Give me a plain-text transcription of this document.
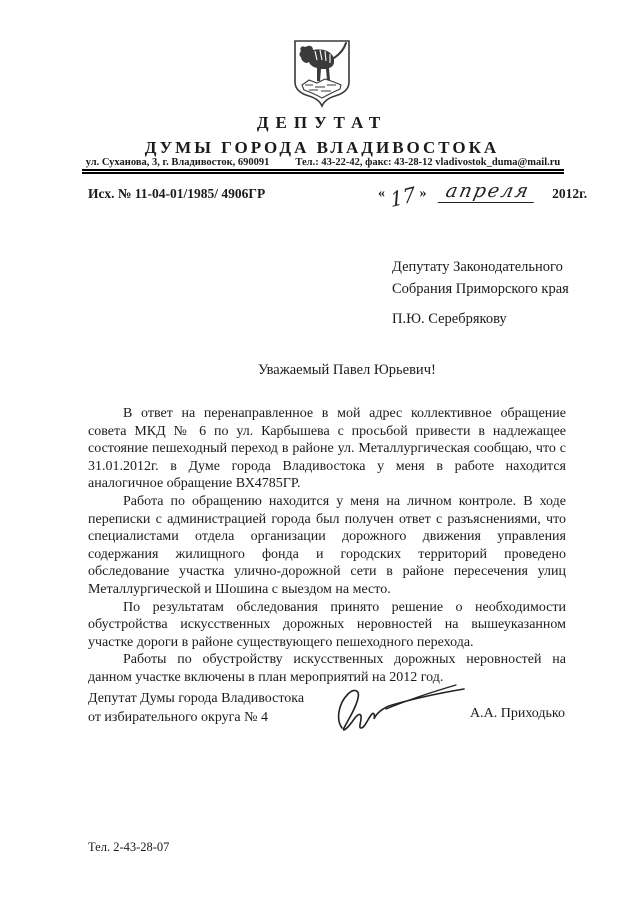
ДЕПУТАТ
ДУМЫ ГОРОДА ВЛАДИВОСТОКА
ул. Суханова, 3, г. Владивосток, 690091 Тел.: 43-22-42, факс: 43-28-12 vladivostok_duma@mail.ru
Исх. № 11-04-01/1985/ 4906ГР	« 17 » апреля	2012г.
Депутату Законодательного
Собрания Приморского края
П.Ю. Серебрякову
Уважаемый Павел Юрьевич!

В ответ на перенаправленное в мой адрес коллективное обращение совета МКД № 6 по ул. Карбышева с просьбой привести в надлежащее состояние пешеходный переход в районе ул. Металлургическая сообщаю, что с 31.01.2012г. в Думе города Владивостока у меня в работе находится аналогичное обращение ВХ4785ГР.

Работа по обращению находится у меня на личном контроле. В ходе переписки с администрацией города был получен ответ с разъяснениями, что специалистами отдела организации дорожного движения управления содержания жилищного фонда и городских территорий проведено обследование участка улично-дорожной сети в районе пересечения улиц Металлургической и Шошина с выездом на место.

По результатам обследования принято решение о необходимости обустройства искусственных дорожных неровностей на вышеуказанном участке дороги в районе существующего пешеходного перехода.

Работы по обустройству искусственных дорожных неровностей на данном участке включены в план мероприятий на 2012 год.

Депутат Думы города Владивостока
от избирательного округа № 4	А.А. Приходько
Тел. 2-43-28-07
